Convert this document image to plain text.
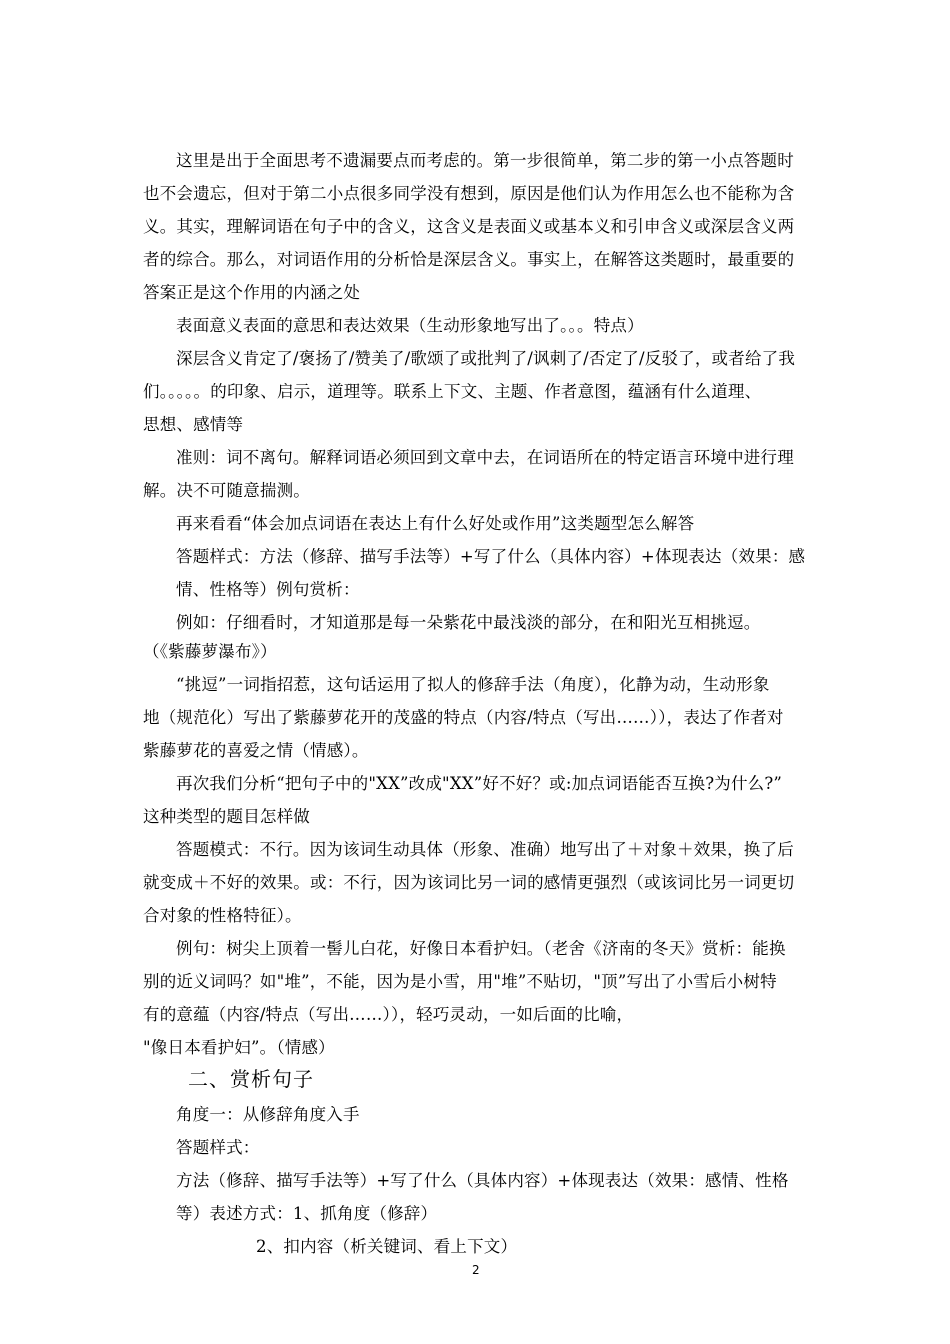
这里是出于全面思考不遗漏要点而考虑的。第一步很简单，第二步的第一小点答题时
也不会遗忘，但对于第二小点很多同学没有想到，原因是他们认为作用怎么也不能称为含
义。其实，理解词语在句子中的含义，这含义是表面义或基本义和引申含义或深层含义两
者的综合。那么，对词语作用的分析恰是深层含义。事实上，在解答这类题时，最重要的
答案正是这个作用的内涵之处
表面意义表面的意思和表达效果（生动形象地写出了。。。特点）
深层含义肯定了/褒扬了/赞美了/歌颂了或批判了/讽刺了/否定了/反驳了，或者给了我
们。。。。。的印象、启示，道理等。联系上下文、主题、作者意图，蕴涵有什么道理、
思想、感情等
准则：词不离句。解释词语必须回到文章中去，在词语所在的特定语言环境中进行理
解。决不可随意揣测。
再来看看“体会加点词语在表达上有什么好处或作用”这类题型怎么解答
答题样式：方法（修辞、描写手法等）+写了什么（具体内容）+体现表达（效果：感
情、性格等）例句赏析：
例如：仔细看时，才知道那是每一朵紫花中最浅淡的部分，在和阳光互相挑逗。
（《紫藤萝瀑布》）
“挑逗”一词指招惹，这句话运用了拟人的修辞手法（角度），化静为动，生动形象
地（规范化）写出了紫藤萝花开的茂盛的特点（内容/特点（写出……）），表达了作者对
紫藤萝花的喜爱之情（情感）。
再次我们分析“把句子中的"XX”改成"XX”好不好？或:加点词语能否互换?为什么?”
这种类型的题目怎样做
答题模式：不行。因为该词生动具体（形象、准确）地写出了＋对象＋效果，换了后
就变成＋不好的效果。或：不行，因为该词比另一词的感情更强烈（或该词比另一词更切
合对象的性格特征）。
例句：树尖上顶着一髻儿白花，好像日本看护妇。（老舍《济南的冬天》赏析：能换
别的近义词吗？如"堆”，不能，因为是小雪，用"堆”不贴切，"顶”写出了小雪后小树特
有的意蕴（内容/特点（写出……）），轻巧灵动，一如后面的比喻，
"像日本看护妇”。（情感）
二、赏析句子
角度一：从修辞角度入手
答题样式：
方法（修辞、描写手法等）+写了什么（具体内容）+体现表达（效果：感情、性格
等）表述方式：1、抓角度（修辞）
2、扣内容（析关键词、看上下文）
2
